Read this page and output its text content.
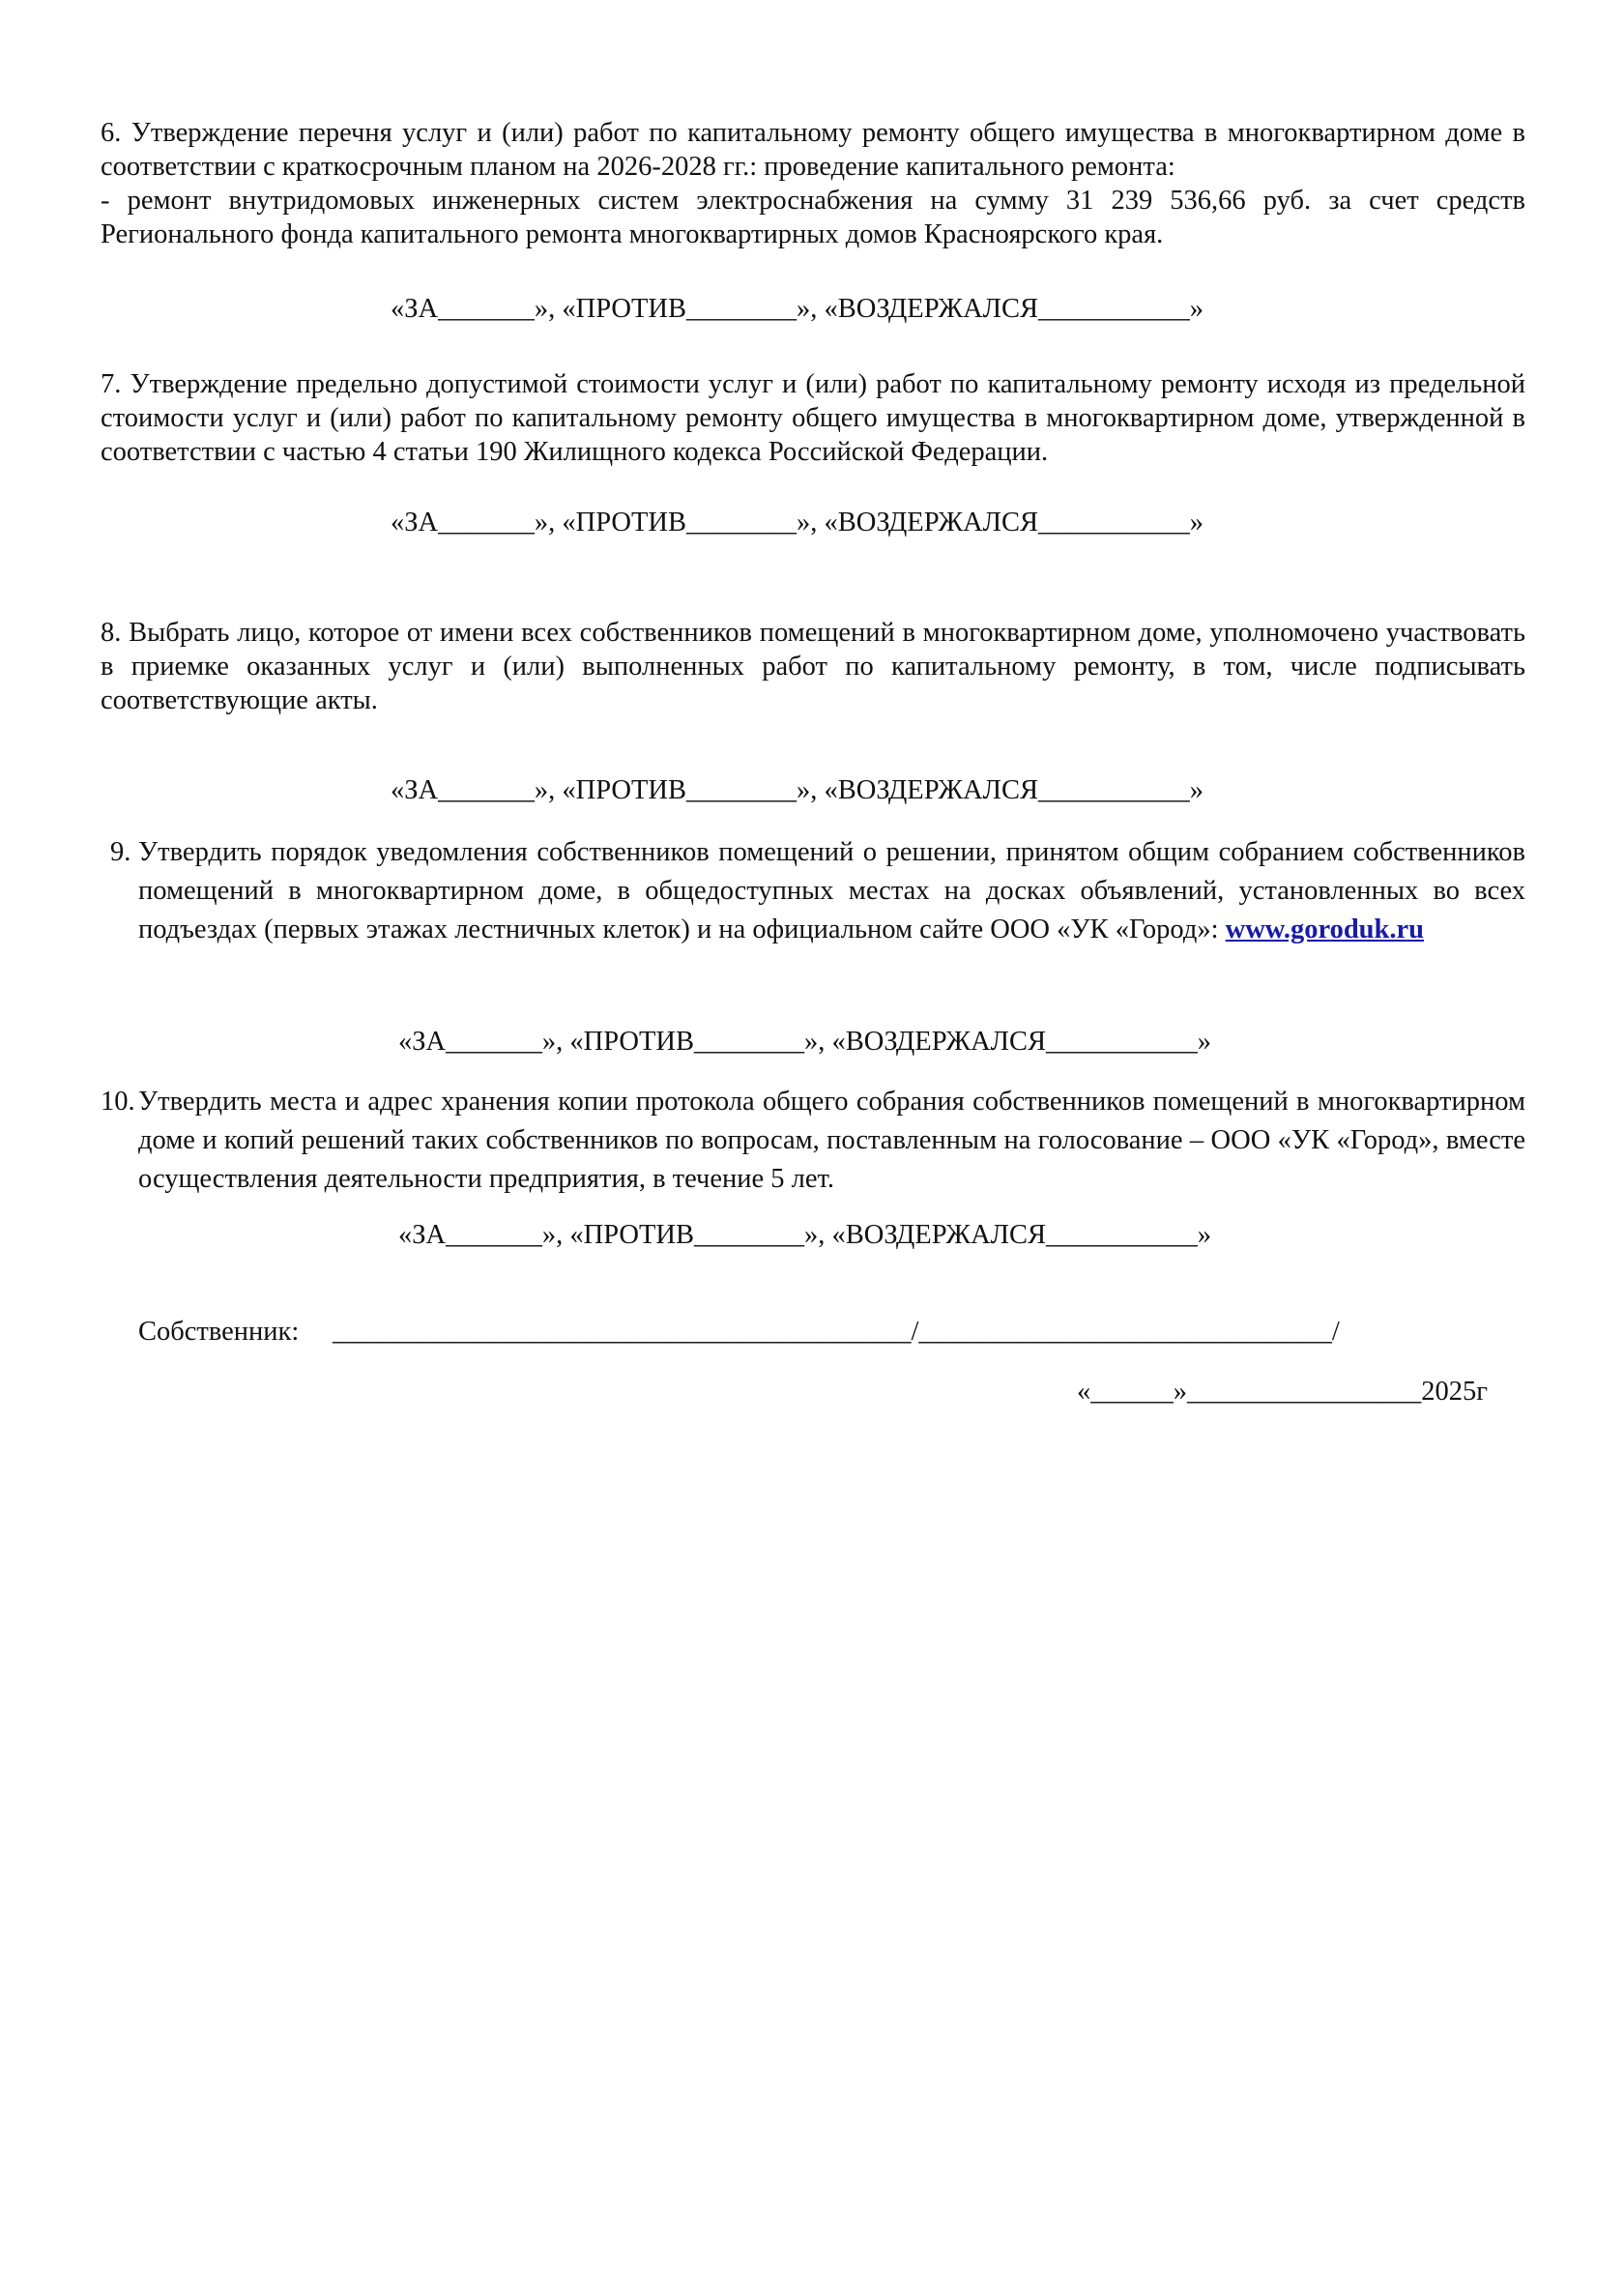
6. Утверждение перечня услуг и (или) работ по капитальному ремонту общего имущества в многоквартирном доме в соответствии с краткосрочным планом на 2026-2028 гг.: проведение капитального ремонта:
- ремонт внутридомовых инженерных систем электроснабжения на сумму 31 239 536,66 руб. за счет средств Регионального фонда капитального ремонта многоквартирных домов Красноярского края.
«ЗА_______», «ПРОТИВ________», «ВОЗДЕРЖАЛСЯ___________»
7. Утверждение предельно допустимой стоимости услуг и (или) работ по капитальному ремонту исходя из предельной стоимости услуг и (или) работ по капитальному ремонту общего имущества в многоквартирном доме, утвержденной в соответствии с частью 4 статьи 190 Жилищного кодекса Российской Федерации.
«ЗА_______», «ПРОТИВ________», «ВОЗДЕРЖАЛСЯ___________»
8. Выбрать лицо, которое от имени всех собственников помещений в многоквартирном доме, уполномочено участвовать в приемке оказанных услуг и (или) выполненных работ по капитальному ремонту, в том, числе подписывать соответствующие акты.
«ЗА_______», «ПРОТИВ________», «ВОЗДЕРЖАЛСЯ___________»
9. Утвердить порядок уведомления собственников помещений о решении, принятом общим собранием собственников помещений в многоквартирном доме, в общедоступных местах на досках объявлений, установленных во всех подъездах (первых этажах лестничных клеток) и на официальном сайте ООО «УК «Город»: www.goroduk.ru
«ЗА_______», «ПРОТИВ________», «ВОЗДЕРЖАЛСЯ___________»
10. Утвердить места и адрес хранения копии протокола общего собрания собственников помещений в многоквартирном доме и копий решений таких собственников по вопросам, поставленным на голосование – ООО «УК «Город», вместе осуществления деятельности предприятия, в течение 5 лет.
«ЗА_______», «ПРОТИВ________», «ВОЗДЕРЖАЛСЯ___________»
Собственник: __________________________________________/______________________________/
«______»_________________2025г
